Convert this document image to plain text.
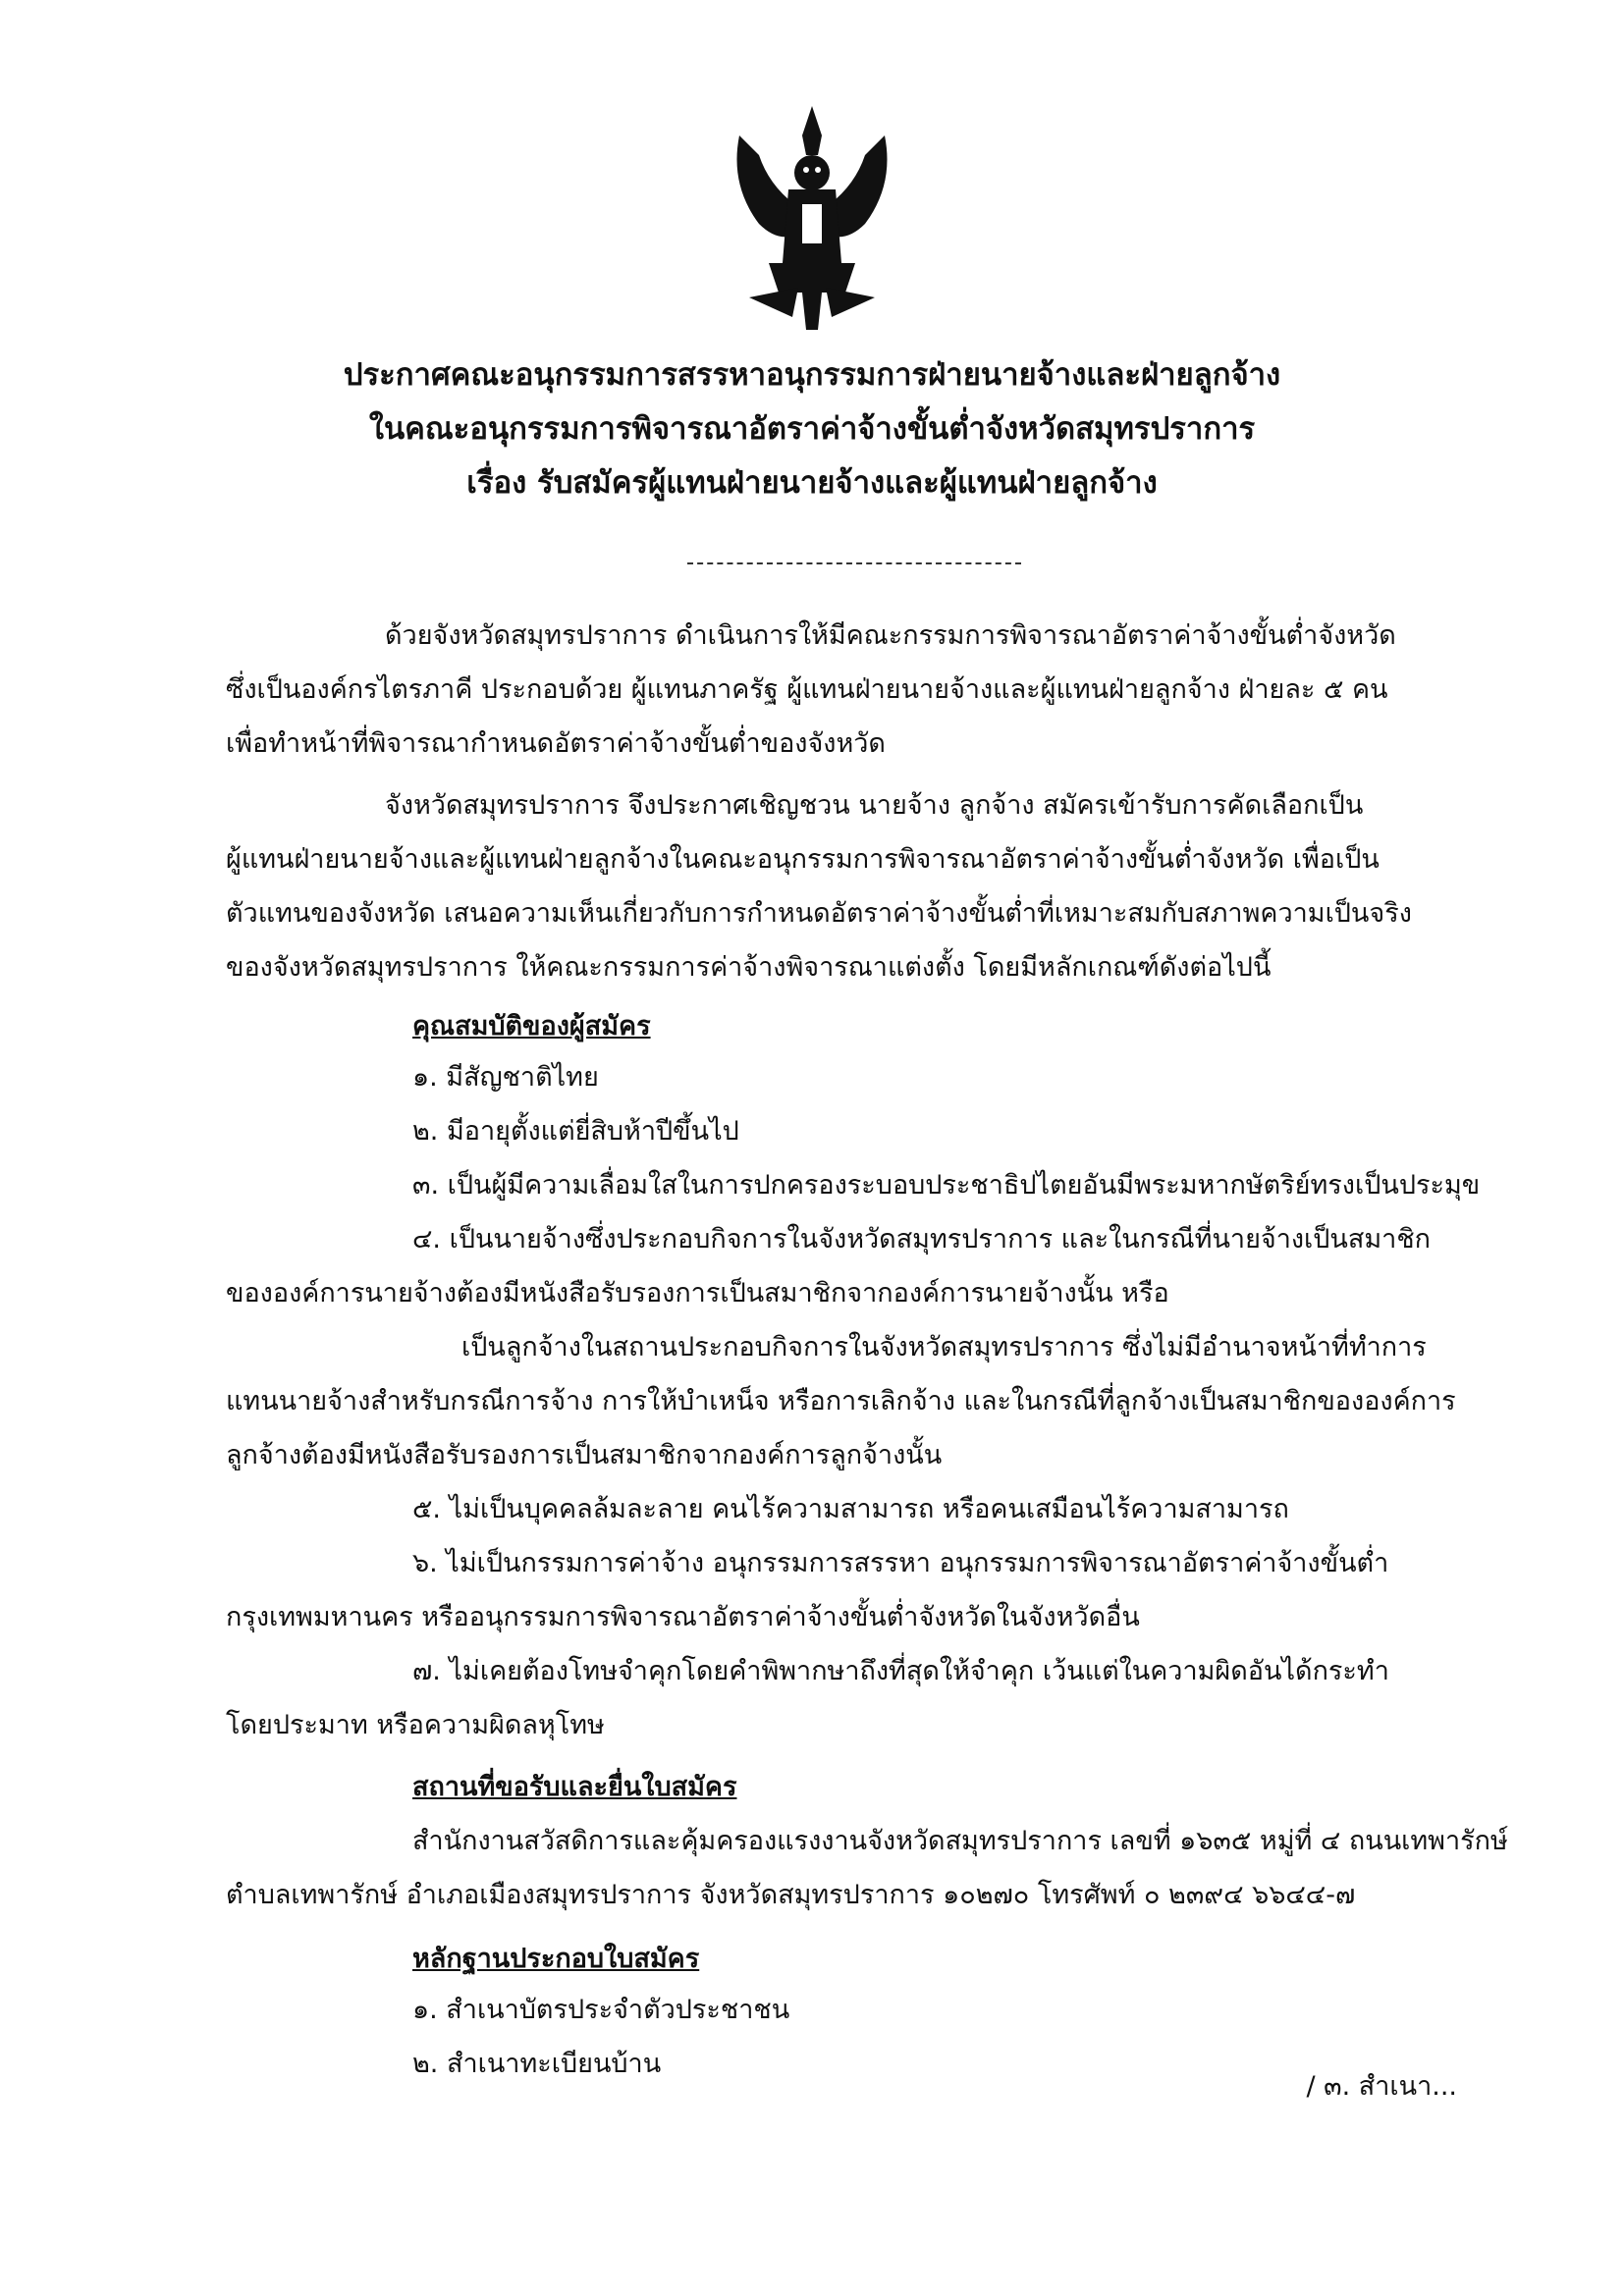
ประกาศคณะอนุกรรมการสรรหาอนุกรรมการฝ่ายนายจ้างและฝ่ายลูกจ้าง
ในคณะอนุกรรมการพิจารณาอัตราค่าจ้างขั้นต่ำจังหวัดสมุทรปราการ
เรื่อง รับสมัครผู้แทนฝ่ายนายจ้างและผู้แทนฝ่ายลูกจ้าง
ด้วยจังหวัดสมุทรปราการ ดำเนินการให้มีคณะกรรมการพิจารณาอัตราค่าจ้างขั้นต่ำจังหวัด
ซึ่งเป็นองค์กรไตรภาคี ประกอบด้วย ผู้แทนภาครัฐ ผู้แทนฝ่ายนายจ้างและผู้แทนฝ่ายลูกจ้าง ฝ่ายละ ๕ คน
เพื่อทำหน้าที่พิจารณากำหนดอัตราค่าจ้างขั้นต่ำของจังหวัด
จังหวัดสมุทรปราการ จึงประกาศเชิญชวน นายจ้าง ลูกจ้าง สมัครเข้ารับการคัดเลือกเป็น
ผู้แทนฝ่ายนายจ้างและผู้แทนฝ่ายลูกจ้างในคณะอนุกรรมการพิจารณาอัตราค่าจ้างขั้นต่ำจังหวัด เพื่อเป็น
ตัวแทนของจังหวัด เสนอความเห็นเกี่ยวกับการกำหนดอัตราค่าจ้างขั้นต่ำที่เหมาะสมกับสภาพความเป็นจริง
ของจังหวัดสมุทรปราการ ให้คณะกรรมการค่าจ้างพิจารณาแต่งตั้ง โดยมีหลักเกณฑ์ดังต่อไปนี้
คุณสมบัติของผู้สมัคร
๑. มีสัญชาติไทย
๒. มีอายุตั้งแต่ยี่สิบห้าปีขึ้นไป
๓. เป็นผู้มีความเลื่อมใสในการปกครองระบอบประชาธิปไตยอันมีพระมหากษัตริย์ทรงเป็นประมุข
๔. เป็นนายจ้างซึ่งประกอบกิจการในจังหวัดสมุทรปราการ และในกรณีที่นายจ้างเป็นสมาชิก
ขององค์การนายจ้างต้องมีหนังสือรับรองการเป็นสมาชิกจากองค์การนายจ้างนั้น หรือ
เป็นลูกจ้างในสถานประกอบกิจการในจังหวัดสมุทรปราการ ซึ่งไม่มีอำนาจหน้าที่ทำการ
แทนนายจ้างสำหรับกรณีการจ้าง การให้บำเหน็จ หรือการเลิกจ้าง และในกรณีที่ลูกจ้างเป็นสมาชิกขององค์การ
ลูกจ้างต้องมีหนังสือรับรองการเป็นสมาชิกจากองค์การลูกจ้างนั้น
๕. ไม่เป็นบุคคลล้มละลาย คนไร้ความสามารถ หรือคนเสมือนไร้ความสามารถ
๖. ไม่เป็นกรรมการค่าจ้าง อนุกรรมการสรรหา อนุกรรมการพิจารณาอัตราค่าจ้างขั้นต่ำ
กรุงเทพมหานคร หรืออนุกรรมการพิจารณาอัตราค่าจ้างขั้นต่ำจังหวัดในจังหวัดอื่น
๗. ไม่เคยต้องโทษจำคุกโดยคำพิพากษาถึงที่สุดให้จำคุก เว้นแต่ในความผิดอันได้กระทำ
โดยประมาท หรือความผิดลหุโทษ
สถานที่ขอรับและยื่นใบสมัคร
สำนักงานสวัสดิการและคุ้มครองแรงงานจังหวัดสมุทรปราการ เลขที่ ๑๖๓๕ หมู่ที่ ๔ ถนนเทพารักษ์
ตำบลเทพารักษ์ อำเภอเมืองสมุทรปราการ จังหวัดสมุทรปราการ ๑๐๒๗๐ โทรศัพท์ ๐ ๒๓๙๔ ๖๖๔๔-๗
หลักฐานประกอบใบสมัคร
๑. สำเนาบัตรประจำตัวประชาชน
๒. สำเนาทะเบียนบ้าน
/ ๓. สำเนา...
